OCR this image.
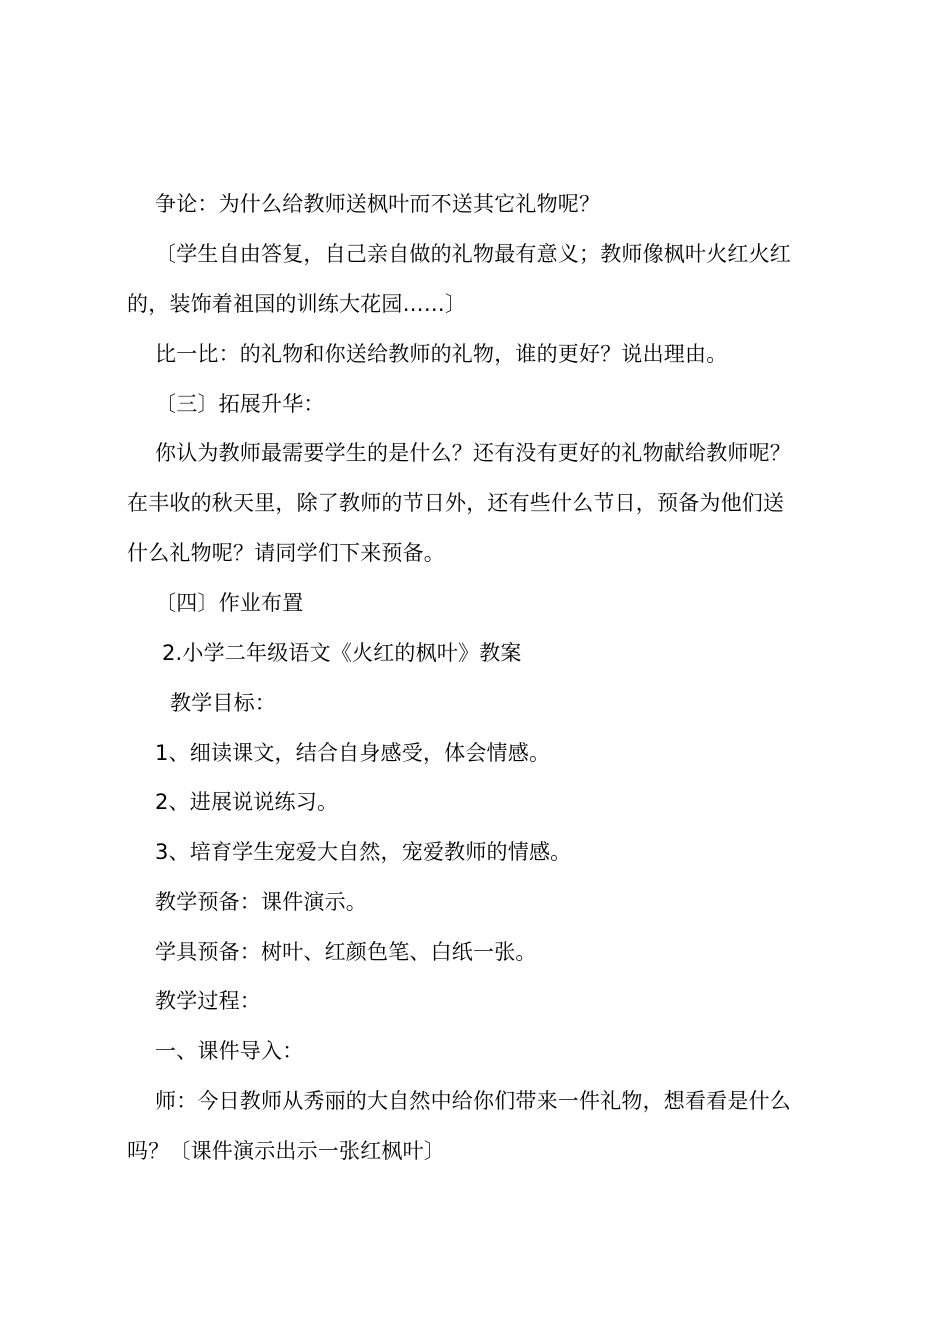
争论：为什么给教师送枫叶而不送其它礼物呢？
〔学生自由答复，自己亲自做的礼物最有意义；教师像枫叶火红火红
的，装饰着祖国的训练大花园……〕
比一比：的礼物和你送给教师的礼物，谁的更好？说出理由。
〔三〕拓展升华：
你认为教师最需要学生的是什么？还有没有更好的礼物献给教师呢？
在丰收的秋天里，除了教师的节日外，还有些什么节日，预备为他们送
什么礼物呢？请同学们下来预备。
〔四〕作业布置
2.小学二年级语文《火红的枫叶》教案
教学目标：
1、细读课文，结合自身感受，体会情感。
2、进展说说练习。
3、培育学生宠爱大自然，宠爱教师的情感。
教学预备：课件演示。
学具预备：树叶、红颜色笔、白纸一张。
教学过程：
一、课件导入：
师：今日教师从秀丽的大自然中给你们带来一件礼物，想看看是什么
吗？〔课件演示出示一张红枫叶〕
